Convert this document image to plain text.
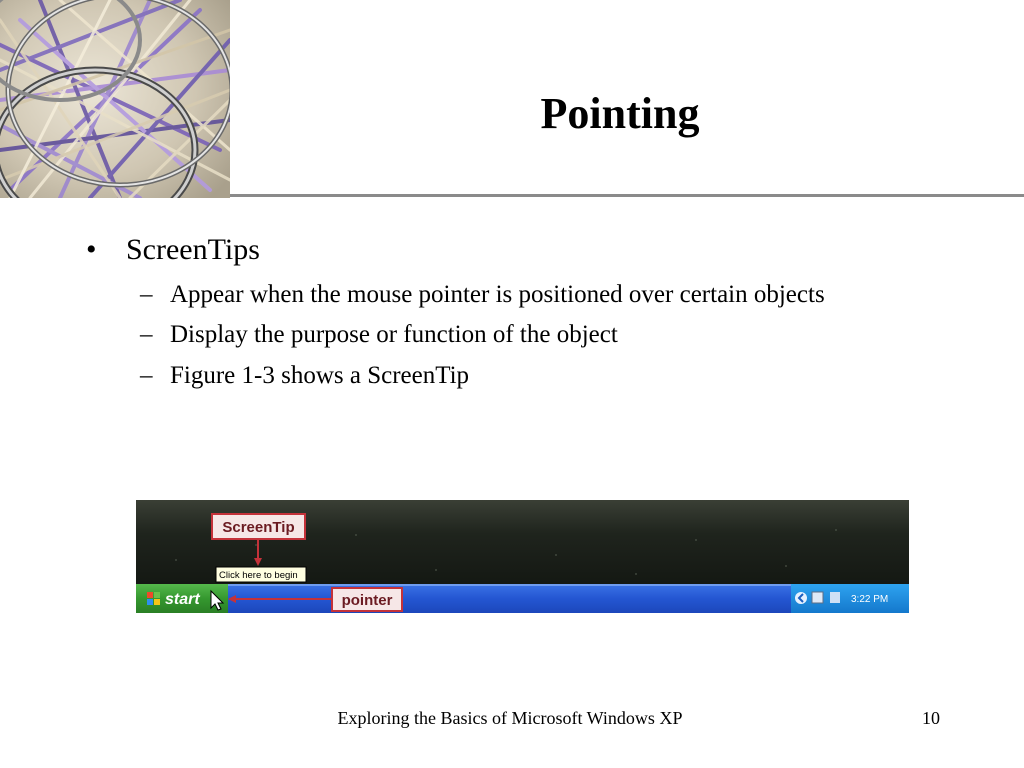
Pointing
• ScreenTips
– Appear when the mouse pointer is positioned over certain objects
– Display the purpose or function of the object
– Figure 1-3 shows a ScreenTip
start	3:22 PM
ScreenTip
Click here to begin
pointer
Exploring the Basics of Microsoft Windows XP	10
